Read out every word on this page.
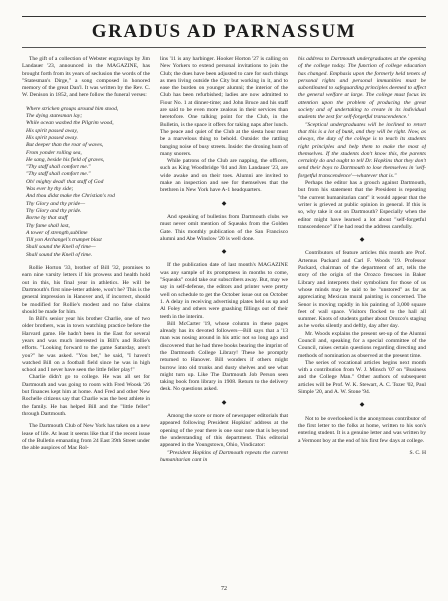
GRADUS AD PARNASSUM

The gift of a collection of Webster engravings by Jim Landauer '23, announced in the MAGAZINE, has brought forth from its years of seclusion the words of the "Statesman's Dirge," a song composed in honored memory of the great Dan'l. It was written by the Rev. C. W. Denison in 1852, and here follow the funeral verses:

Where stricken groups around him stood,
The dying statesman lay;
While ocean washed the Pilgrim wood,
His spirit passed away,
His spirit passed away.
But deeper than the roar of waves,
From yonder rolling sea,
He sang, beside his field of graves,
"Thy staff shall comfort me."
"Thy staff shall comfort me."
Oh! mighty dead! that staff of God
Was ever by thy side;
And thou didst make the Christian's rod
Thy Glory and thy pride—
Thy Glory and thy pride.
Borne by that staff
Thy fame shall last,
A tower of strength,sublime
Till yon Archangel's trumpet blast
Shall sound the Knell of time—
Shall sound the Knell of time.

Rollie Horton '33, brother of Bill '32, promises to earn nine varsity letters if his prowess and health hold out in this, his final year in athletics. He will be Dartmouth's first nine-letter athlete, won't he? This is the general impression in Hanover and, if incorrect, should be modified for Rollie's modest and no false claims should be made for him.

In Bill's senior year his brother Charlie, one of two older brothers, was in town watching practice before the Harvard game. He hadn't been in the East for several years and was much interested in Bill's and Rollie's efforts. "Looking forward to the game Saturday, aren't you?" he was asked. "You bet," he said, "I haven't watched Bill on a football field since he was in high school and I never have seen the little feller play!"

Charlie didn't go to college. He was all set for Dartmouth and was going to room with Fred Woosk '26 but finances kept him at home. And Fred and other New Rochelle citizens say that Charlie was the best athlete in the family. He has helped Bill and the "little feller" through Dartmouth.

The Dartmouth Club of New York has taken on a new lease of life. At least it seems like that if the recent issue of the Bulletin emanating from 24 East 39th Street under the able auspices of Mac Rol-

lins '11 is any harbinger. Hooker Horton '27 is calling on New Yorkers to extend personal invitations to join the Club; the dues have been adjusted to care for such things as men living outside the City but working in it, and to ease the burden on younger alumni; the interior of the Club has been refurbished; ladies are now admitted to Fiour No. 1 at dinner-time; and John Bruce and his staff are said to be even more zealous in their services than heretofore. One talking point for the Club, in the Bulletin, is the space it offers for taking naps after lunch. The peace and quiet of the Club at the siesta hour must be a marvelous thing to behold. Outside: the rattling banging noise of busy streets. Inside: the droning hum of many snorers.

While patrons of the Club are napping, the officers, such as King Woodbridge '04 and Jim Landauer '23, are wide awake and on their toes. Alumni are invited to make an inspection and see for themselves that the brethren in New York have A-1 headquarters.

◆

And speaking of bulletins from Dartmouth clubs we must never omit mention of Squeaks from the Golden Gate. This monthly publication of the San Francisco alumni and Abe Winslow '20 is well done.

◆

If the publication date of last month's MAGAZINE was any sample of its promptness in months to come, "Squeaks" could take our subscribers away. But, may we say in self-defense, the editors and printer were pretty well on schedule to get the October issue out on October 1. A delay in receiving advertising plates held us up and Al Foley and others were gnashing fillings out of their teeth in the interim.

Bill McCarter '19, whose column in these pages already has its devoted followers—Bill says that a '13 man was nosing around in his attic not so long ago and discovered that he had three books bearing the imprint of the Dartmouth College Library! These he promptly returned to Hanover. Bill wonders if others might burrow into old trunks and dusty shelves and see what might turn up. Like The Dartmouth Job Person seen taking book from library in 1908. Return to the delivery desk. No questions asked.

◆

Among the score or more of newspaper editorials that appeared following President Hopkins' address at the opening of the year there is one sour note that is beyond the understanding of this department. This editorial appeared in the Youngstown, Ohio, Vindicator:

"President Hopkins of Dartmouth repeats the current humanitarian cant in

his address to Dartmouth undergraduates at the opening of the college today. The function of college education has changed. Emphasis upon the formerly held tenets of personal rights and personal immunities must be subordinated to safeguarding principles deemed to affect the general welfare at large. The college must focus its attention upon the problem of producing the great society and of undertaking to create in its individual students the zest for self-forgetful transcendence.'

"Sceptical undergraduates will be inclined to retort that this is a lot of bunk, and they will be right. Now, as always, the duty of the college is to teach its students right principles and help them to make the most of themselves. If the students don't know this, the parents certainly do and ought to tell Dr. Hopkins that they don't send their boys to Dartmouth to lose themselves in 'self-forgetful transcendence'—whatever that is."

Perhaps the editor has a grouch against Dartmouth, but from his statement that the President is repeating "the current humanitarian cant" it would appear that the writer is grieved at public opinion in general. If this is so, why take it out on Dartmouth? Especially when the editor might have learned a lot about "self-forgetful transcendence" if he had read the address carefully.

◆

Contributors of feature articles this month are Prof. Artemus Packard and Carl F. Woods '19. Professor Packard, chairman of the department of art, tells the story of the origin of the Orozco frescoes in Baker Library and interprets their symbolism for those of us whose minds may be said to be "unstored" as far as appreciating Mexican mural painting is concerned. The Senor is moving rapidly in his painting of 3,000 square feet of wall space. Visitors flocked to the hall all summer. Knots of students gather about Orozco's staging as he works silently and deftly, day after day.

Mr. Woods explains the present set-up of the Alumni Council and, speaking for a special committee of the Council, raises certain questions regarding directing and methods of nomination as observed at the present time.

The series of vocational articles begins next month with a contribution from W. J. Minsch '07 on "Business and the College Man." Other authors of subsequent articles will be Prof. W. K. Stewart, A. C. Tozer '02, Paul Simple '20, and A. W. Stone '94.

◆

Not to be overlooked is the anonymous contributor of the first letter to the folks at home, written to his son's entering student. It is a genuine letter and was written by a Vermont boy at the end of his first few days at college.

S. C. H
72
